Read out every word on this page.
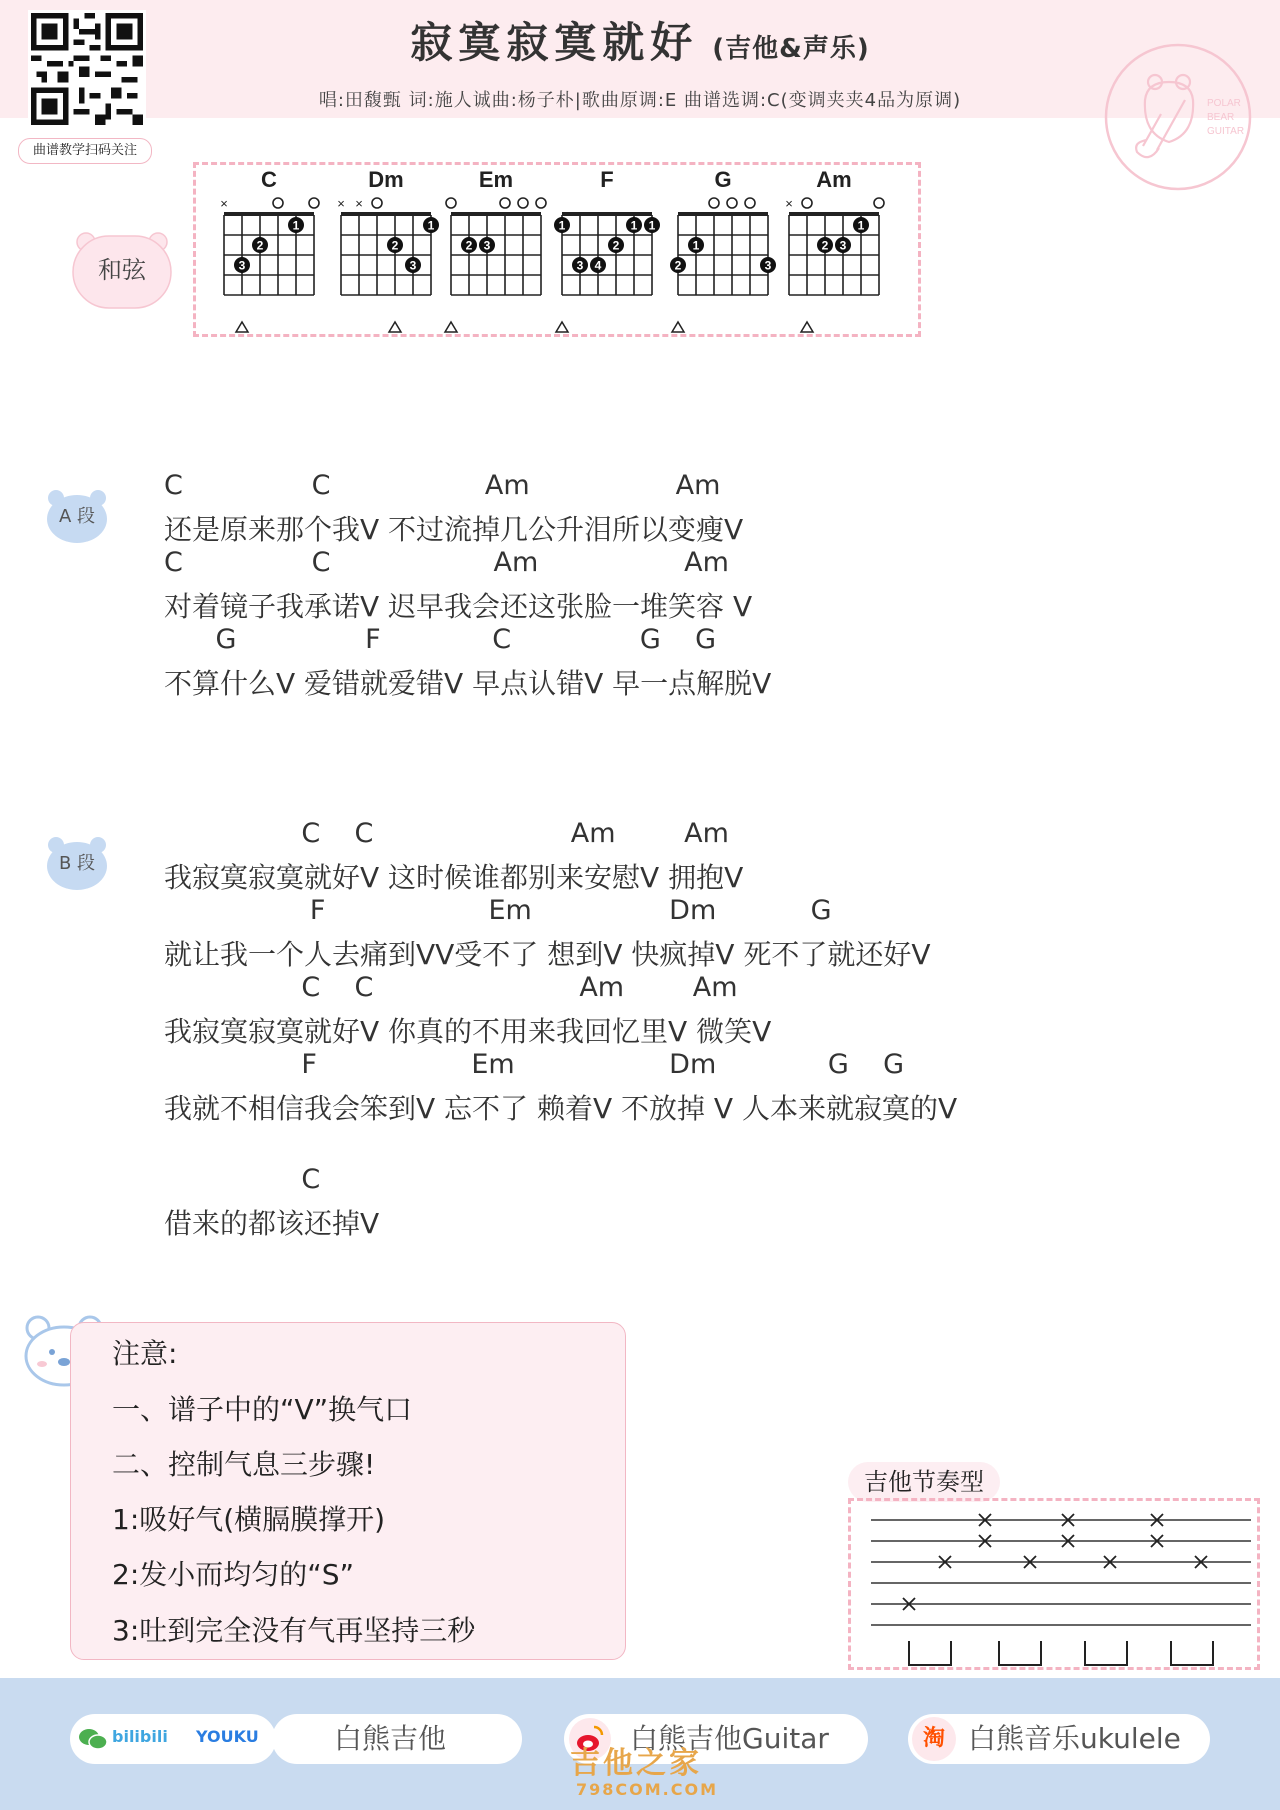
曲谱教学扫码关注
寂寞寂寞就好 (吉他&声乐)
唱:田馥甄 词:施人诚曲:杨子朴|歌曲原调:E 曲谱选调:C(变调夹夹4品为原调)	POLAR
BEAR
GUITAR
和弦
C
×
1
2
3
Dm
× ×
1
2
3
Em
2 3
F
1	1 1
2
3 4
G
1
2	3
Am
×
1
2 3
A 段
C               C                  Am                 Am
还是原来那个我V 不过流掉几公升泪所以变瘦V
C               C                   Am                 Am
对着镜子我承诺V 迟早我会还这张脸一堆笑容 V
G               F             C               G    G
不算什么V 爱错就爱错V 早点认错V 早一点解脱V
B 段
C    C                       Am        Am
我寂寞寂寞就好V 这时候谁都别来安慰V 拥抱V
F                   Em                Dm           G
就让我一个人去痛到VV受不了 想到V 快疯掉V 死不了就还好V
C    C                        Am        Am
我寂寞寂寞就好V 你真的不用来我回忆里V 微笑V
F                  Em                  Dm             G    G
我就不相信我会笨到V 忘不了 赖着V 不放掉 V 人本来就寂寞的V
C
借来的都该还掉V
注意:
一、谱子中的“V”换气口
二、控制气息三步骤!
1:吸好气(横膈膜撑开)
2:发小而均匀的“S”
3:吐到完全没有气再坚持三秒
吉他节奏型
bilibili YOUKU	白熊吉他	白熊吉他Guitar	淘 白熊音乐ukulele
吉他之家
798COM.COM
